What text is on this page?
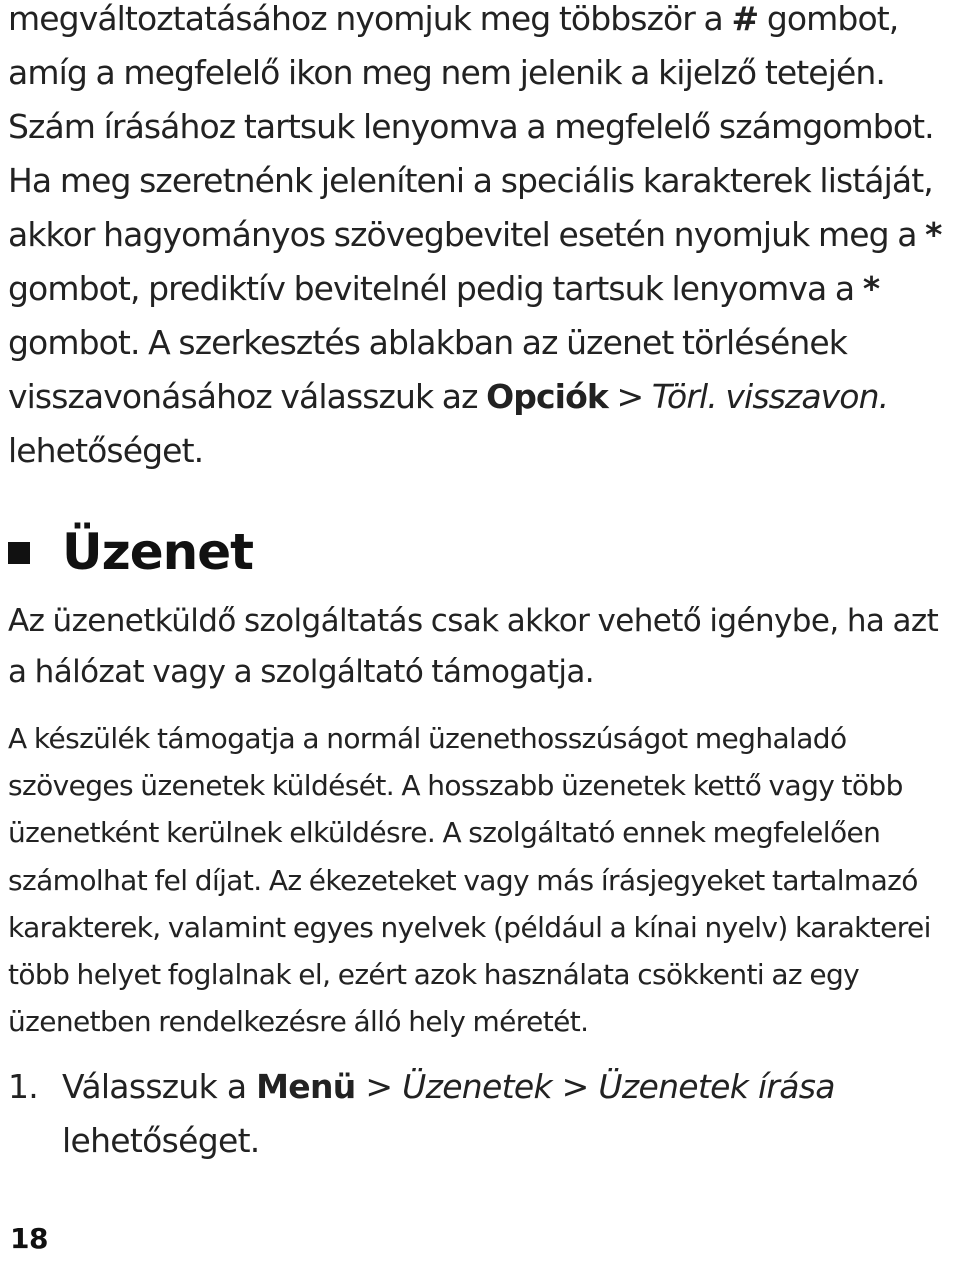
megváltoztatásához nyomjuk meg többször a # gombot, amíg a megfelelő ikon meg nem jelenik a kijelző tetején. Szám írásához tartsuk lenyomva a megfelelő számgombot. Ha meg szeretnénk jeleníteni a speciális karakterek listáját, akkor hagyományos szövegbevitel esetén nyomjuk meg a * gombot, prediktív bevitelnél pedig tartsuk lenyomva a * gombot. A szerkesztés ablakban az üzenet törlésének visszavonásához válasszuk az Opciók > Törl. visszavon. lehetőséget.

Üzenet

Az üzenetküldő szolgáltatás csak akkor vehető igénybe, ha azt a hálózat vagy a szolgáltató támogatja.

A készülék támogatja a normál üzenethosszúságot meghaladó szöveges üzenetek küldését. A hosszabb üzenetek kettő vagy több üzenetként kerülnek elküldésre. A szolgáltató ennek megfelelően számolhat fel díjat. Az ékezeteket vagy más írásjegyeket tartalmazó karakterek, valamint egyes nyelvek (például a kínai nyelv) karakterei több helyet foglalnak el, ezért azok használata csökkenti az egy üzenetben rendelkezésre álló hely méretét.

1. Válasszuk a Menü > Üzenetek > Üzenetek írása lehetőséget.
18
